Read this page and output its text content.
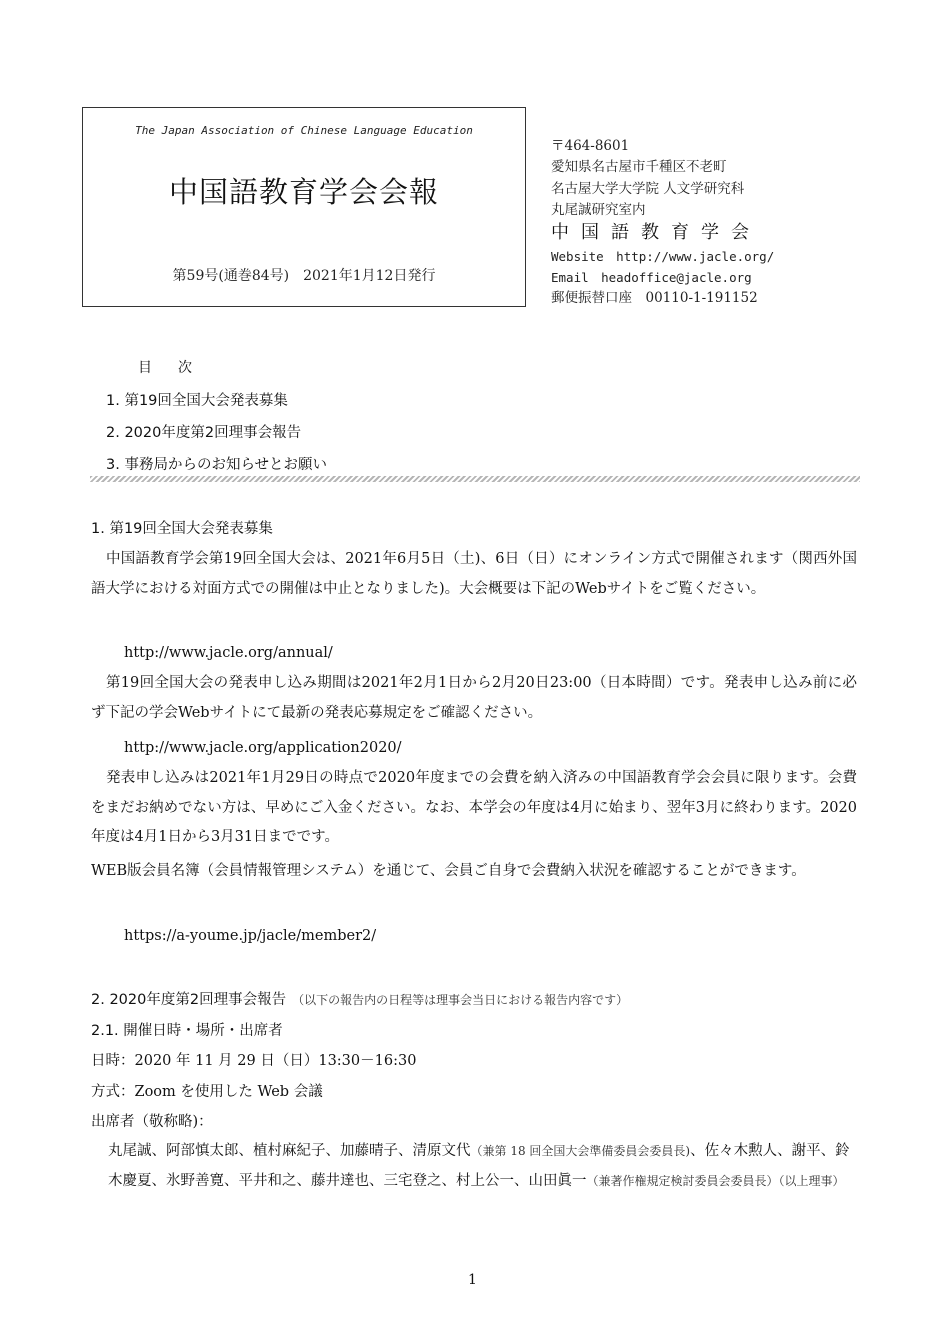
The Japan Association of Chinese Language Education
中国語教育学会会報
第59号(通巻84号)　2021年1月12日発行
〒464-8601
愛知県名古屋市千種区不老町
名古屋大学大学院 人文学研究科
丸尾誠研究室内
中国語教育学会
Website　http://www.jacle.org/
Email　headoffice@jacle.org
郵便振替口座　00110-1-191152
目次
1. 第19回全国大会発表募集
2. 2020年度第2回理事会報告
3. 事務局からのお知らせとお願い
1. 第19回全国大会発表募集
中国語教育学会第19回全国大会は、2021年6月5日（土)、6日（日）にオンライン方式で開催されます（関西外国語大学における対面方式での開催は中止となりました)。大会概要は下記のWebサイトをご覧ください。
http://www.jacle.org/annual/
第19回全国大会の発表申し込み期間は2021年2月1日から2月20日23:00（日本時間）です。発表申し込み前に必ず下記の学会Webサイトにて最新の発表応募規定をご確認ください。
http://www.jacle.org/application2020/
発表申し込みは2021年1月29日の時点で2020年度までの会費を納入済みの中国語教育学会会員に限ります。会費をまだお納めでない方は、早めにご入金ください。なお、本学会の年度は4月に始まり、翌年3月に終わります。2020年度は4月1日から3月31日までです。
WEB版会員名簿（会員情報管理システム）を通じて、会員ご自身で会費納入状況を確認することができます。
https://a-youme.jp/jacle/member2/
2. 2020年度第2回理事会報告 （以下の報告内の日程等は理事会当日における報告内容です）
2.1. 開催日時・場所・出席者
日時：2020 年 11 月 29 日（日）13:30－16:30
方式：Zoom を使用した Web 会議
出席者（敬称略)：
丸尾誠、阿部慎太郎、植村麻紀子、加藤晴子、清原文代（兼第 18 回全国大会準備委員会委員長)、佐々木勲人、謝平、鈴木慶夏、氷野善寛、平井和之、藤井達也、三宅登之、村上公一、山田眞一（兼著作権規定検討委員会委員長）（以上理事）
1
